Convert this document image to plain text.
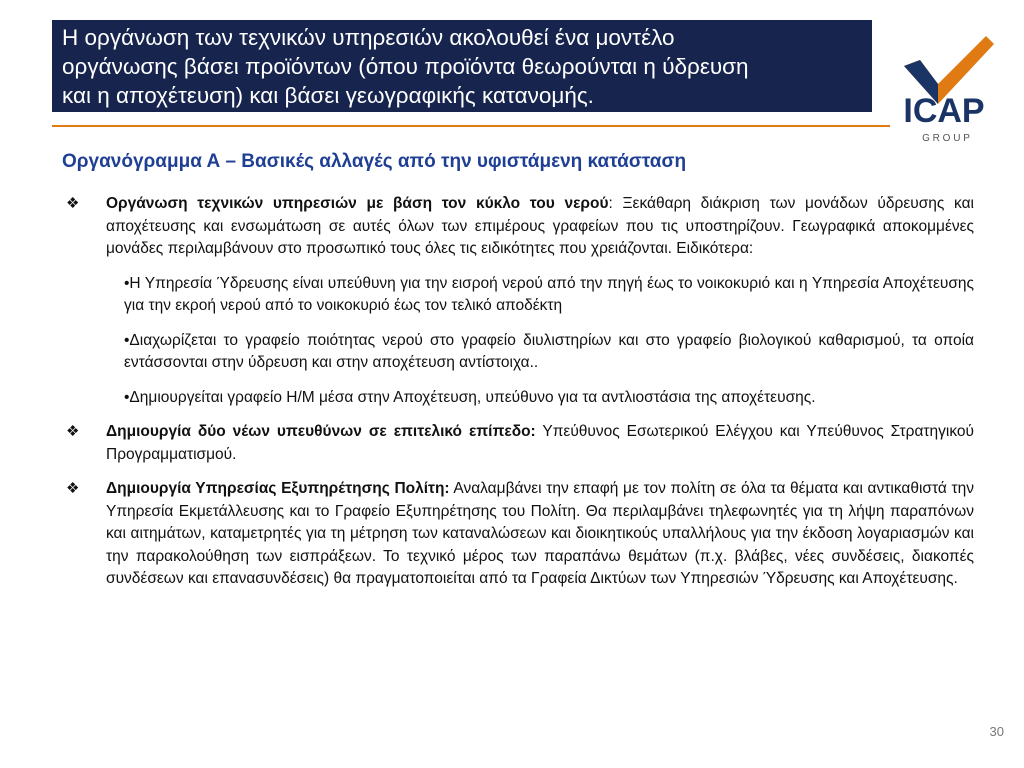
Η οργάνωση των τεχνικών υπηρεσιών ακολουθεί ένα μοντέλο
οργάνωσης βάσει προϊόντων (όπου προϊόντα θεωρούνται η ύδρευση
και η αποχέτευση) και βάσει γεωγραφικής κατανομής.	ICAP
G R O U P
Οργανόγραμμα Α – Βασικές αλλαγές από την υφιστάμενη κατάσταση
❖ Οργάνωση τεχνικών υπηρεσιών με βάση τον κύκλο του νερού: Ξεκάθαρη διάκριση των μονάδων ύδρευσης και αποχέτευσης και ενσωμάτωση σε αυτές όλων των επιμέρους γραφείων που τις υποστηρίζουν. Γεωγραφικά αποκομμένες μονάδες περιλαμβάνουν στο προσωπικό τους όλες τις ειδικότητες που χρειάζονται. Ειδικότερα:
•Η Υπηρεσία Ύδρευσης είναι υπεύθυνη για την εισροή νερού από την πηγή έως το νοικοκυριό και η Υπηρεσία Αποχέτευσης για την εκροή νερού από το νοικοκυριό έως τον τελικό αποδέκτη
•Διαχωρίζεται το γραφείο ποιότητας νερού στο γραφείο διυλιστηρίων και στο γραφείο βιολογικού καθαρισμού, τα οποία εντάσσονται στην ύδρευση και στην αποχέτευση αντίστοιχα..
•Δημιουργείται γραφείο Η/Μ μέσα στην Αποχέτευση, υπεύθυνο για τα αντλιοστάσια της αποχέτευσης.
❖ Δημιουργία δύο νέων υπευθύνων σε επιτελικό επίπεδο: Υπεύθυνος Εσωτερικού Ελέγχου και Υπεύθυνος Στρατηγικού Προγραμματισμού.
❖ Δημιουργία Υπηρεσίας Εξυπηρέτησης Πολίτη: Αναλαμβάνει την επαφή με τον πολίτη σε όλα τα θέματα και αντικαθιστά την Υπηρεσία Εκμετάλλευσης και το Γραφείο Εξυπηρέτησης του Πολίτη. Θα περιλαμβάνει τηλεφωνητές για τη λήψη παραπόνων και αιτημάτων, καταμετρητές για τη μέτρηση των καταναλώσεων και διοικητικούς υπαλλήλους για την έκδοση λογαριασμών και την παρακολούθηση των εισπράξεων. Το τεχνικό μέρος των παραπάνω θεμάτων (π.χ. βλάβες, νέες συνδέσεις, διακοπές συνδέσεων και επανασυνδέσεις) θα πραγματοποιείται από τα Γραφεία Δικτύων των Υπηρεσιών Ύδρευσης και Αποχέτευσης.
30
